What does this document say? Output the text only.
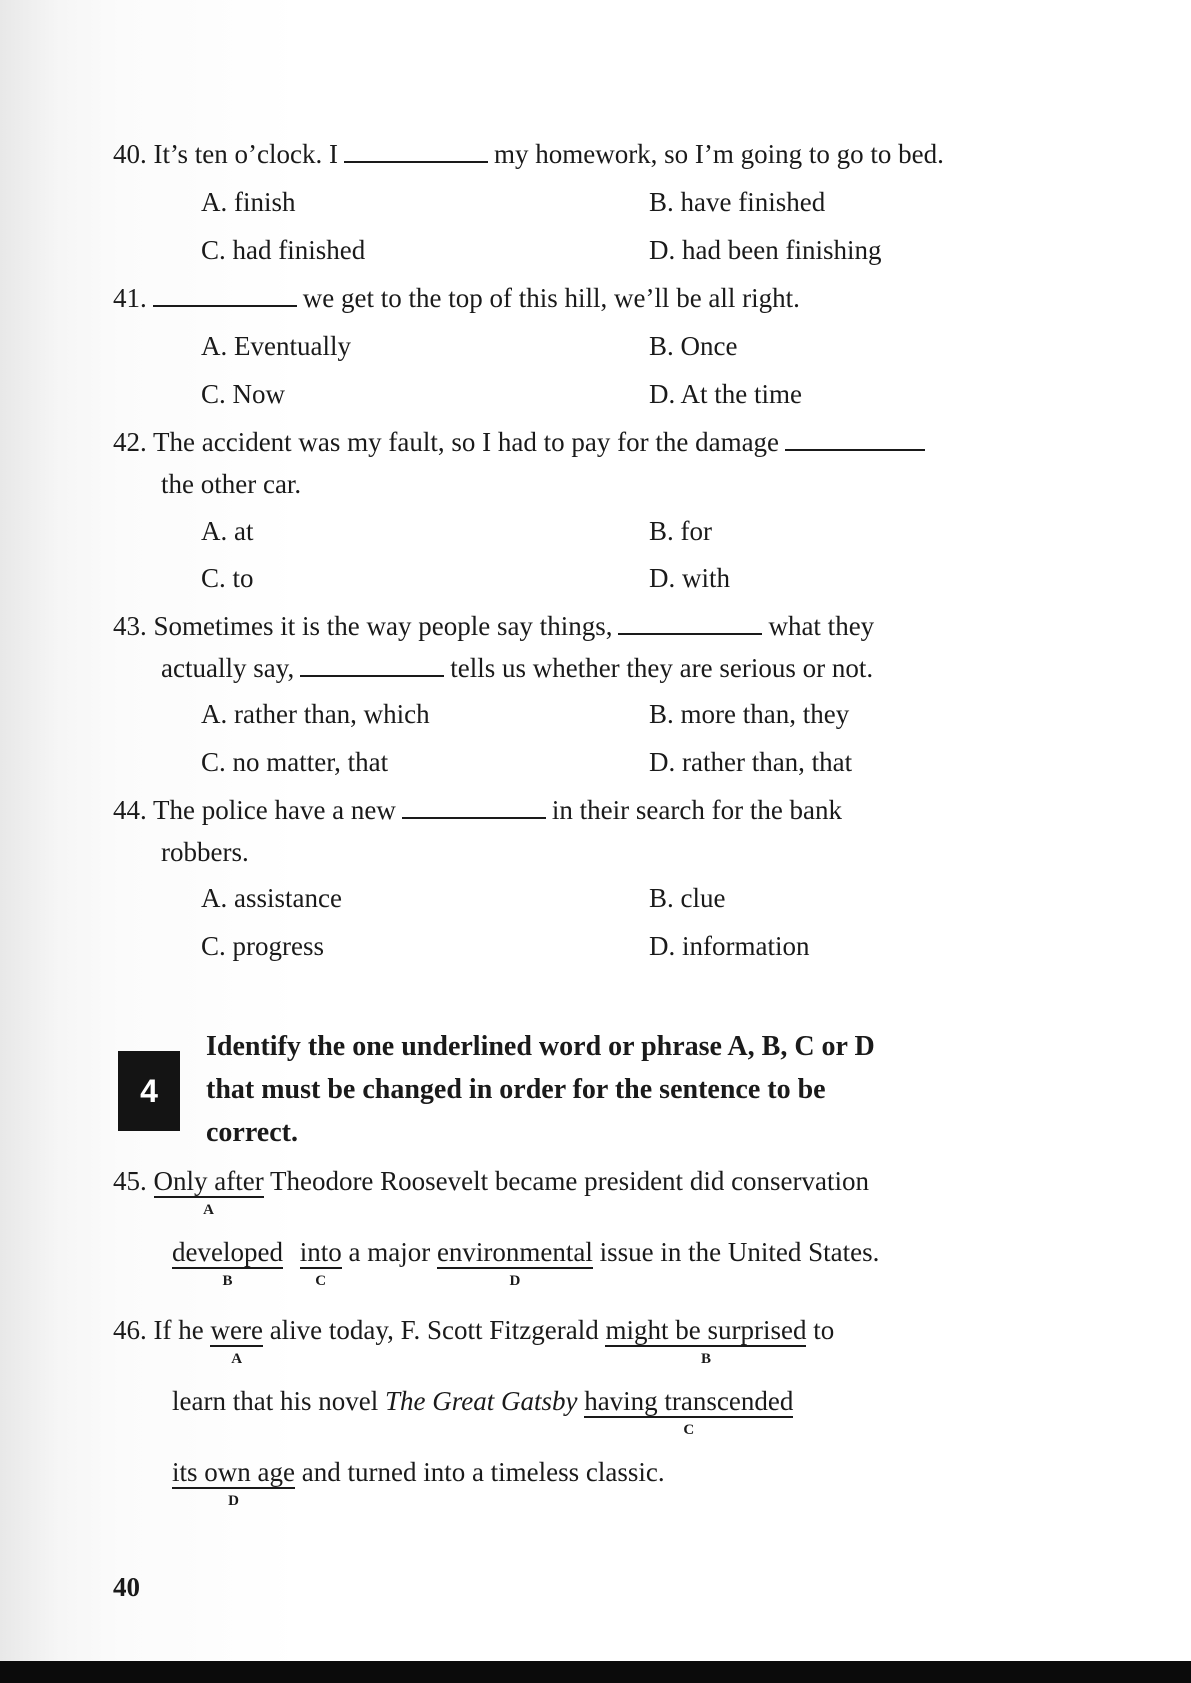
40. It’s ten o’clock. I	my homework, so I’m going to go to bed.
A. finish	B. have finished
C. had finished	D. had been finishing
41.	we get to the top of this hill, we’ll be all right.
A. Eventually	B. Once
C. Now	D. At the time
42. The accident was my fault, so I had to pay for the damage
the other car.
A. at	B. for
C. to	D. with
43. Sometimes it is the way people say things,	what they
actually say,	tells us whether they are serious or not.
A. rather than, which	B. more than, they
C. no matter, that	D. rather than, that
44. The police have a new	in their search for the bank
robbers.
A. assistance	B. clue
C. progress	D. information
4
Identify the one underlined word or phrase A, B, C or D
that must be changed in order for the sentence to be
correct.
45. Only after
A
Theodore Roosevelt became president did conservation
developed
B
into
C
a major environmental
D
issue in the United States.
46. If he were
A
alive today, F. Scott Fitzgerald might be surprised
B
to
learn that his novel The Great Gatsby having transcended
C
its own age
D
and turned into a timeless classic.
40
